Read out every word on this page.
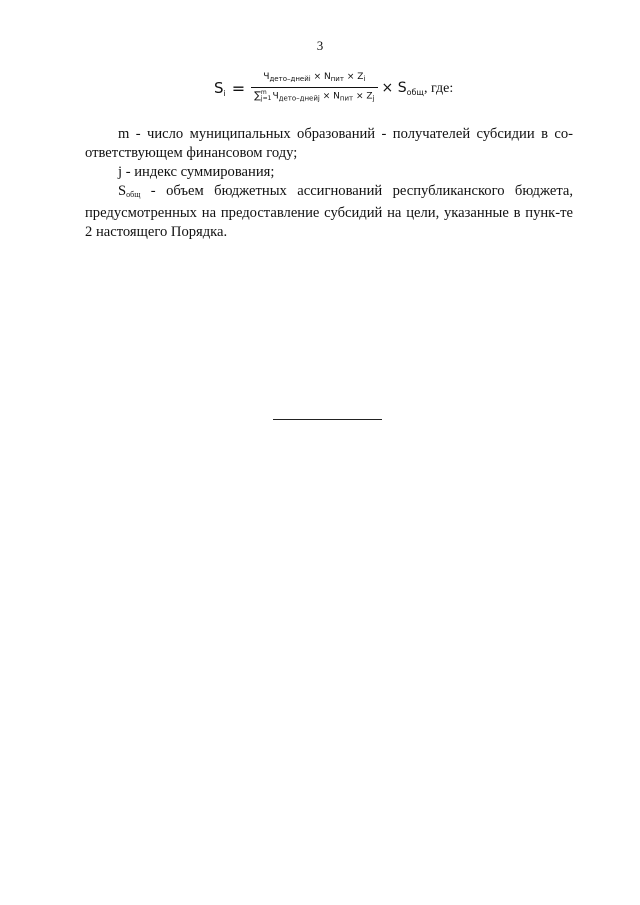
3
$S_i = Ч_{дето-днейi} \times N_{пит} \times Z_i$
∑ m
j=1 $Ч_{дето-днейj} \times N_{пит} \times Z_j \times S_{общ}$, где:

m - число муниципальных образований - получателей субсидии в со-ответствующем финансовом году;

j - индекс суммирования;

$S_{общ}$ - объем бюджетных ассигнований республиканского бюджета, предусмотренных на предоставление субсидий на цели, указанные в пунк-те 2 настоящего Порядка.
